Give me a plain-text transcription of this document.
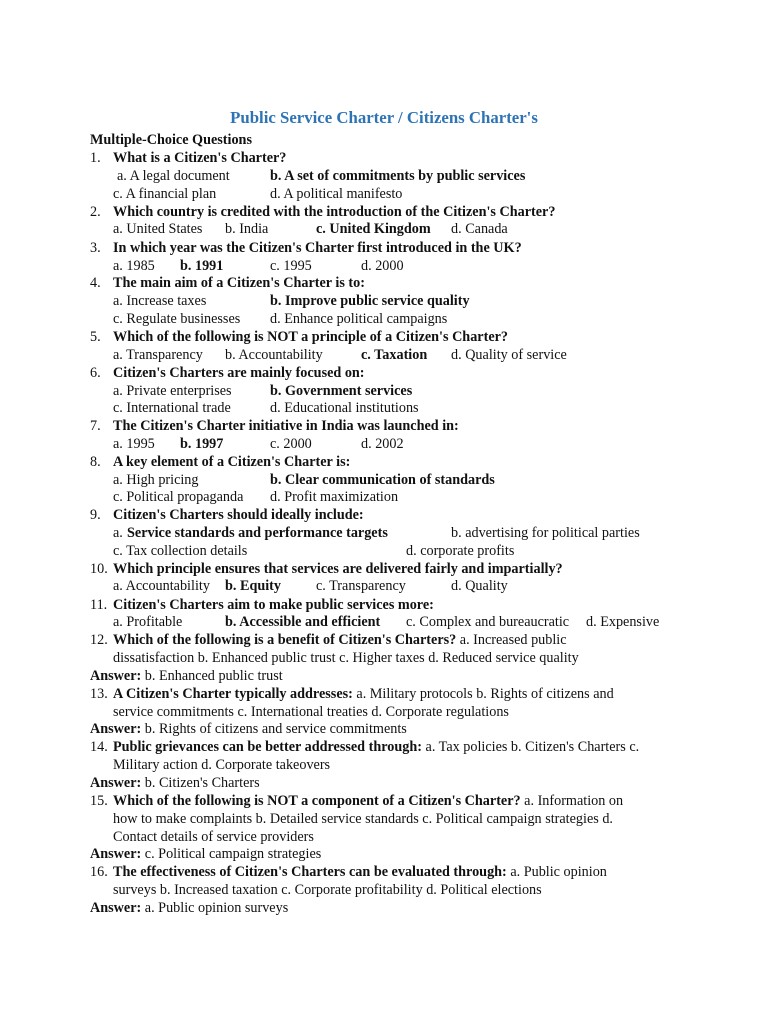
Public Service Charter / Citizens Charter's
Multiple-Choice Questions
1. What is a Citizen's Charter?
a. A legal document	b. A set of commitments by public services
c. A financial plan	d. A political manifesto
2. Which country is credited with the introduction of the Citizen's Charter?
a. United States b. India	c. United Kingdom d. Canada
3. In which year was the Citizen's Charter first introduced in the UK?
a. 1985 b. 1991	c. 1995	d. 2000
4. The main aim of a Citizen's Charter is to:
a. Increase taxes	b. Improve public service quality
c. Regulate businesses d. Enhance political campaigns
5. Which of the following is NOT a principle of a Citizen's Charter?
a. Transparency b. Accountability	c. Taxation d. Quality of service
6. Citizen's Charters are mainly focused on:
a. Private enterprises	b. Government services
c. International trade	d. Educational institutions
7. The Citizen's Charter initiative in India was launched in:
a. 1995 b. 1997	c. 2000	d. 2002
8. A key element of a Citizen's Charter is:
a. High pricing	b. Clear communication of standards
c. Political propaganda d. Profit maximization
9. Citizen's Charters should ideally include:
a. Service standards and performance targets	b. advertising for political parties
c. Tax collection details	d. corporate profits
10. Which principle ensures that services are delivered fairly and impartially?
a. Accountability b. Equity c. Transparency	d. Quality
11. Citizen's Charters aim to make public services more:
a. Profitable	b. Accessible and efficient c. Complex and bureaucratic d. Expensive
12. Which of the following is a benefit of Citizen's Charters? a. Increased public
dissatisfaction b. Enhanced public trust c. Higher taxes d. Reduced service quality
Answer: b. Enhanced public trust
13. A Citizen's Charter typically addresses: a. Military protocols b. Rights of citizens and
service commitments c. International treaties d. Corporate regulations
Answer: b. Rights of citizens and service commitments
14. Public grievances can be better addressed through: a. Tax policies b. Citizen's Charters c.
Military action d. Corporate takeovers
Answer: b. Citizen's Charters
15. Which of the following is NOT a component of a Citizen's Charter? a. Information on
how to make complaints b. Detailed service standards c. Political campaign strategies d.
Contact details of service providers
Answer: c. Political campaign strategies
16. The effectiveness of Citizen's Charters can be evaluated through: a. Public opinion
surveys b. Increased taxation c. Corporate profitability d. Political elections
Answer: a. Public opinion surveys
